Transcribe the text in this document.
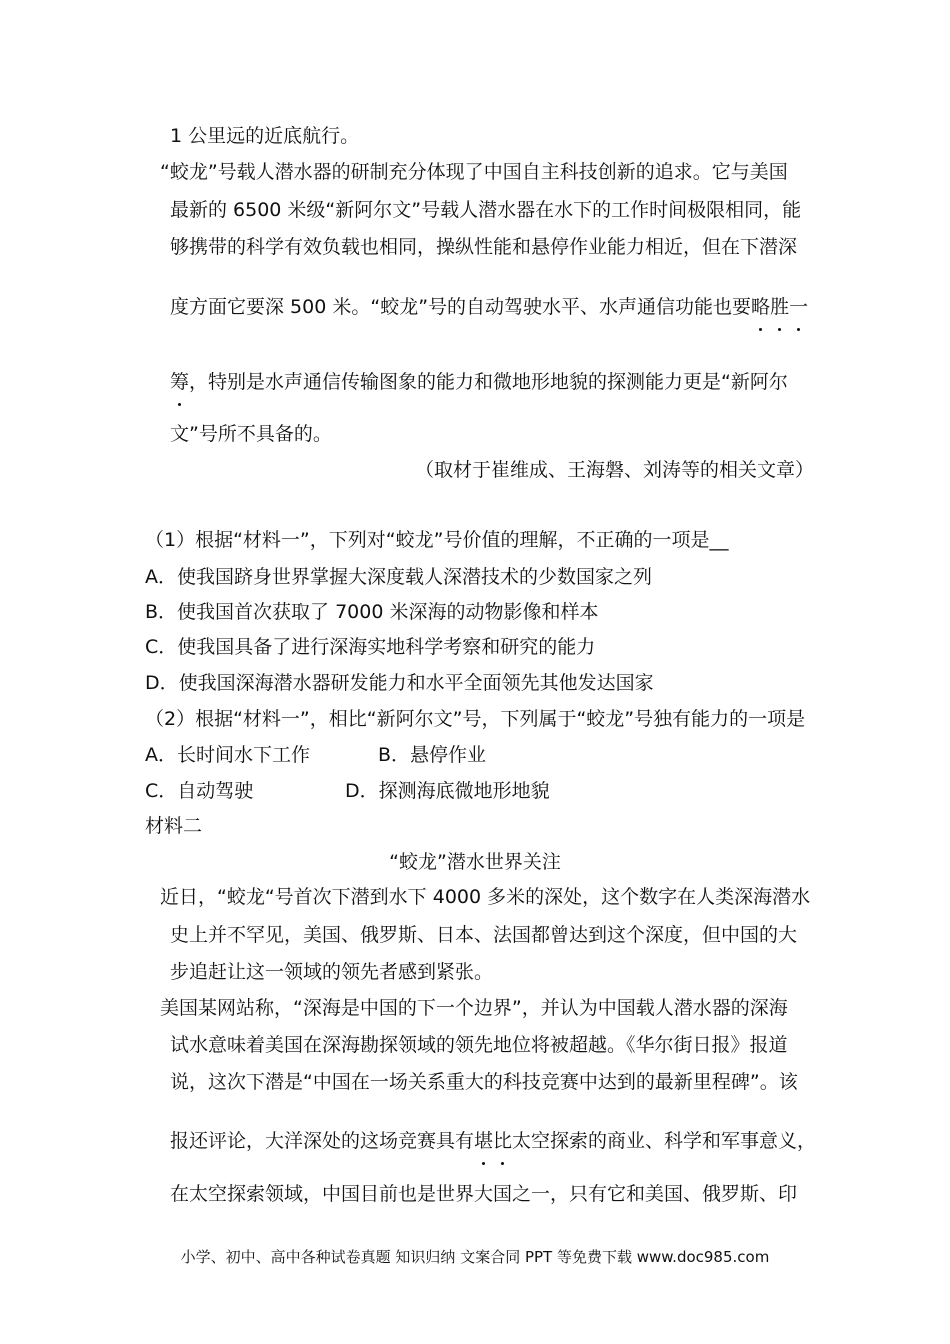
1 公里远的近底航行。
“蛟龙”号载人潜水器的研制充分体现了中国自主科技创新的追求。它与美国
最新的 6500 米级“新阿尔文”号载人潜水器在水下的工作时间极限相同，能
够携带的科学有效负载也相同，操纵性能和悬停作业能力相近，但在下潜深
度方面它要深 500 米。“蛟龙”号的自动驾驶水平、水声通信功能也要略胜一
筹，特别是水声通信传输图象的能力和微地形地貌的探测能力更是“新阿尔
文”号所不具备的。
（取材于崔维成、王海磐、刘涛等的相关文章）
（1）根据“材料一”，下列对“蛟龙”号价值的理解，不正确的一项是__
A．使我国跻身世界掌握大深度载人深潜技术的少数国家之列
B．使我国首次获取了 7000 米深海的动物影像和样本
C．使我国具备了进行深海实地科学考察和研究的能力
D．使我国深海潜水器研发能力和水平全面领先其他发达国家
（2）根据“材料一”，相比“新阿尔文”号，下列属于“蛟龙”号独有能力的一项是
A．长时间水下工作	B．悬停作业
C．自动驾驶	D．探测海底微地形地貌
材料二
“蛟龙”潜水世界关注
近日，“蛟龙“号首次下潜到水下 4000 多米的深处，这个数字在人类深海潜水
史上并不罕见，美国、俄罗斯、日本、法国都曾达到这个深度，但中国的大
步追赶让这一领域的领先者感到紧张。
美国某网站称，“深海是中国的下一个边界”，并认为中国载人潜水器的深海
试水意味着美国在深海勘探领域的领先地位将被超越。《华尔街日报》报道
说，这次下潜是“中国在一场关系重大的科技竞赛中达到的最新里程碑”。该
报还评论，大洋深处的这场竞赛具有堪比太空探索的商业、科学和军事意义，
在太空探索领域，中国目前也是世界大国之一，只有它和美国、俄罗斯、印
小学、初中、高中各种试卷真题 知识归纳 文案合同 PPT 等免费下载 www.doc985.com
